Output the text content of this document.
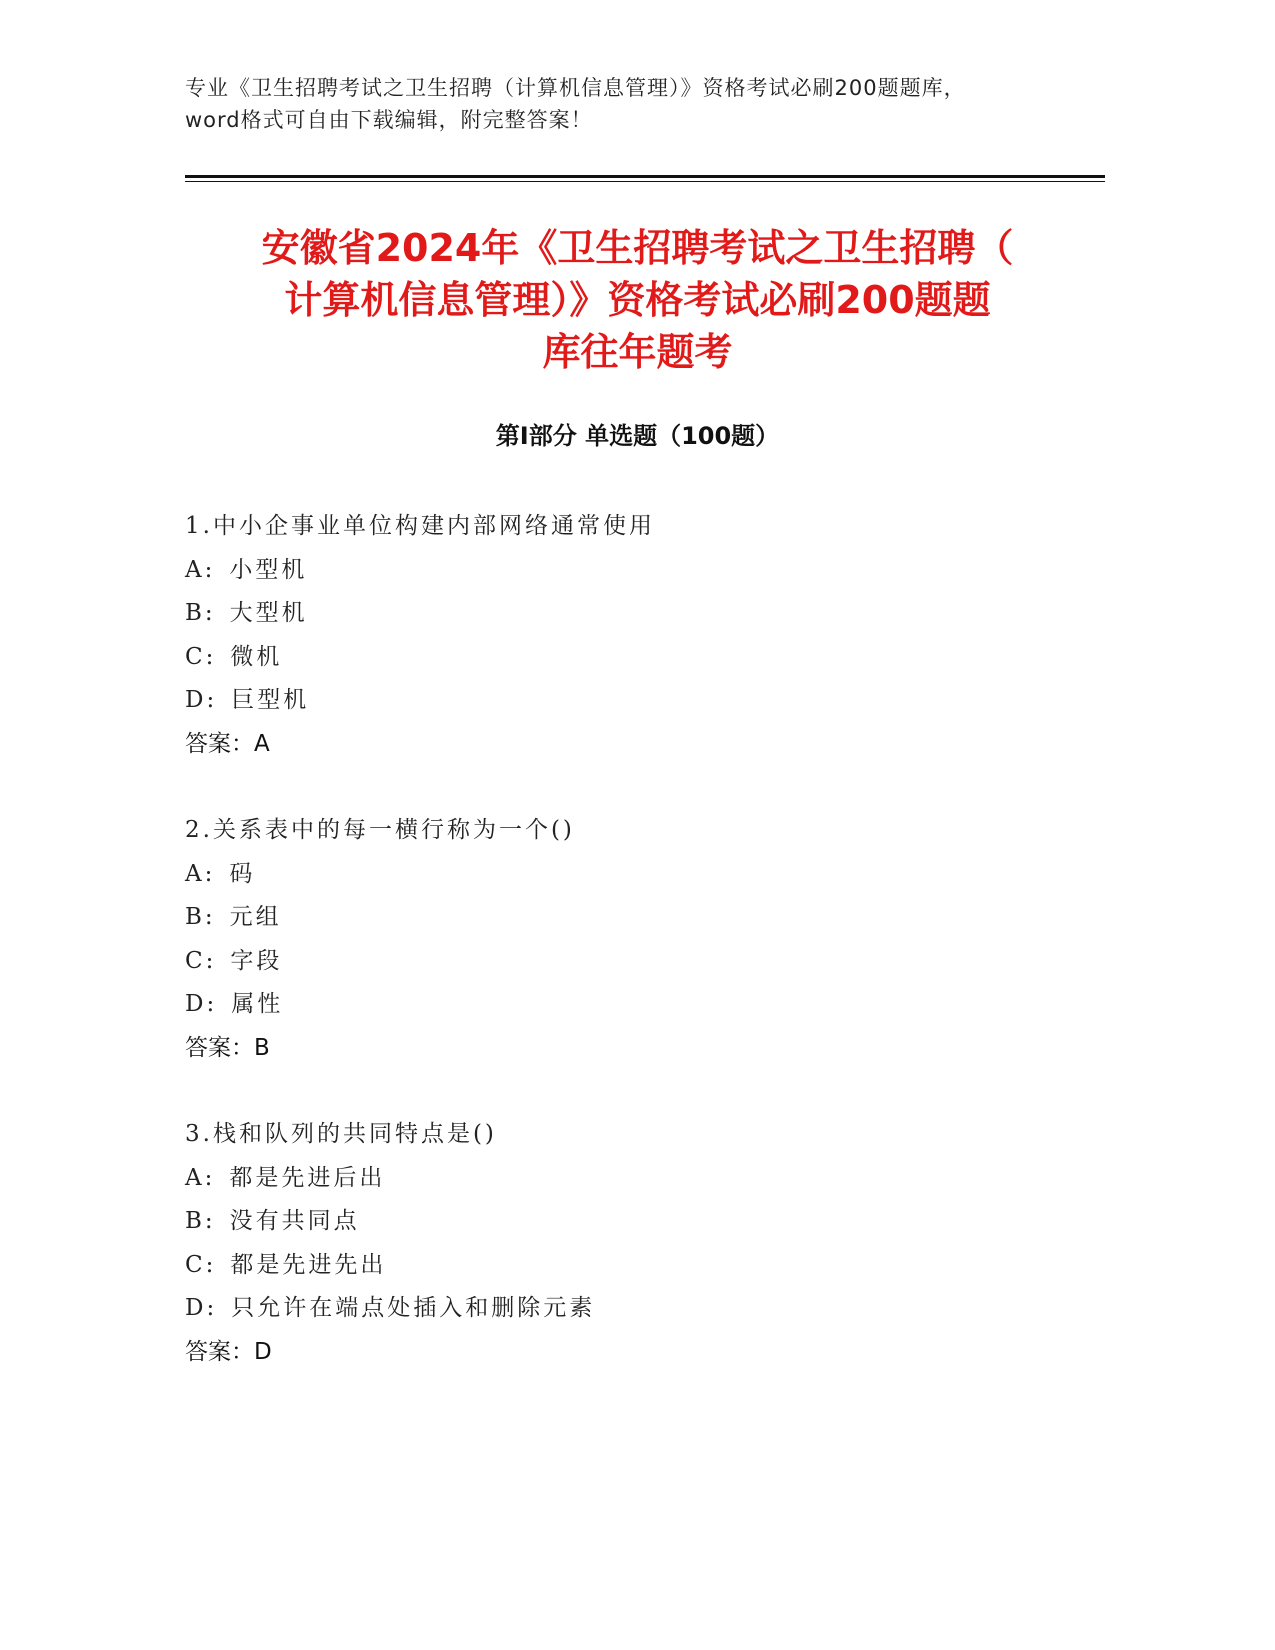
专业《卫生招聘考试之卫生招聘（计算机信息管理）》资格考试必刷200题题库，
word格式可自由下载编辑，附完整答案！
安徽省2024年《卫生招聘考试之卫生招聘（
计算机信息管理）》资格考试必刷200题题
库往年题考
第Ⅰ部分 单选题（100题）
1.中小企事业单位构建内部网络通常使用
A: 小型机
B: 大型机
C: 微机
D: 巨型机
答案：A
2.关系表中的每一横行称为一个()
A: 码
B: 元组
C: 字段
D: 属性
答案：B
3.栈和队列的共同特点是()
A: 都是先进后出
B: 没有共同点
C: 都是先进先出
D: 只允许在端点处插入和删除元素
答案：D
